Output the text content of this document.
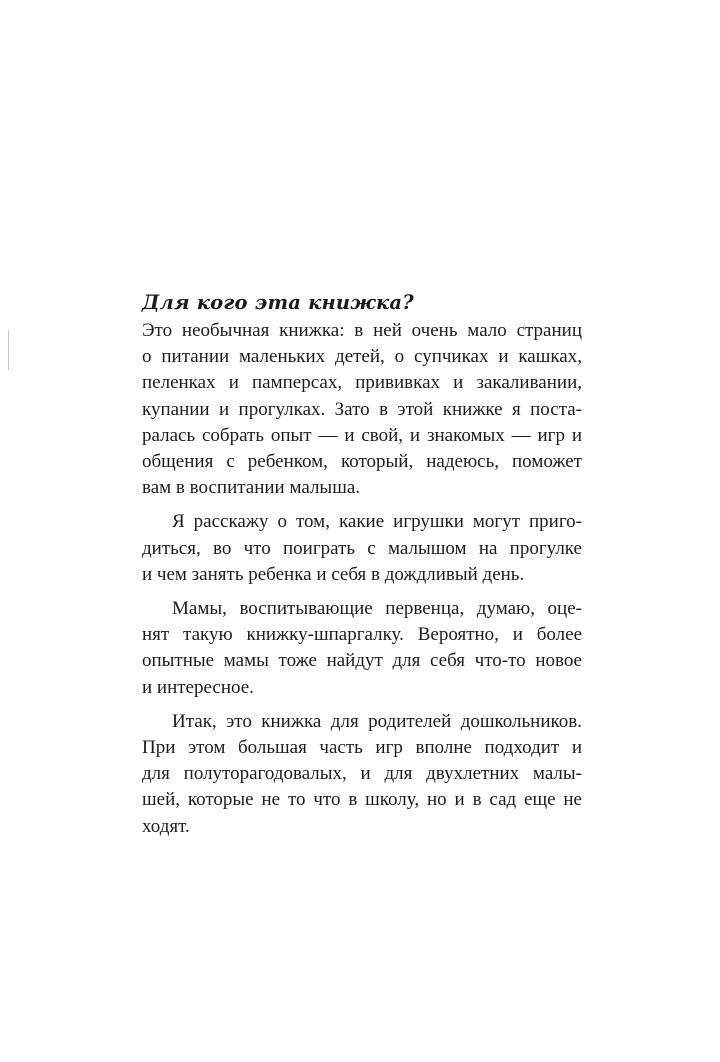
Для кого эта книжка?

Это необычная книжка: в ней очень мало страниц
о питании маленьких детей, о супчиках и кашках,
пеленках и памперсах, прививках и закаливании,
купании и прогулках. Зато в этой книжке я поста-
ралась собрать опыт — и свой, и знакомых — игр и
общения с ребенком, который, надеюсь, поможет
вам в воспитании малыша.

Я расскажу о том, какие игрушки могут приго-
диться, во что поиграть с малышом на прогулке
и чем занять ребенка и себя в дождливый день.

Мамы, воспитывающие первенца, думаю, оце-
нят такую книжку-шпаргалку. Вероятно, и более
опытные мамы тоже найдут для себя что-то новое
и интересное.

Итак, это книжка для родителей дошкольников.
При этом большая часть игр вполне подходит и
для полуторагодовалых, и для двухлетних малы-
шей, которые не то что в школу, но и в сад еще не
ходят.
